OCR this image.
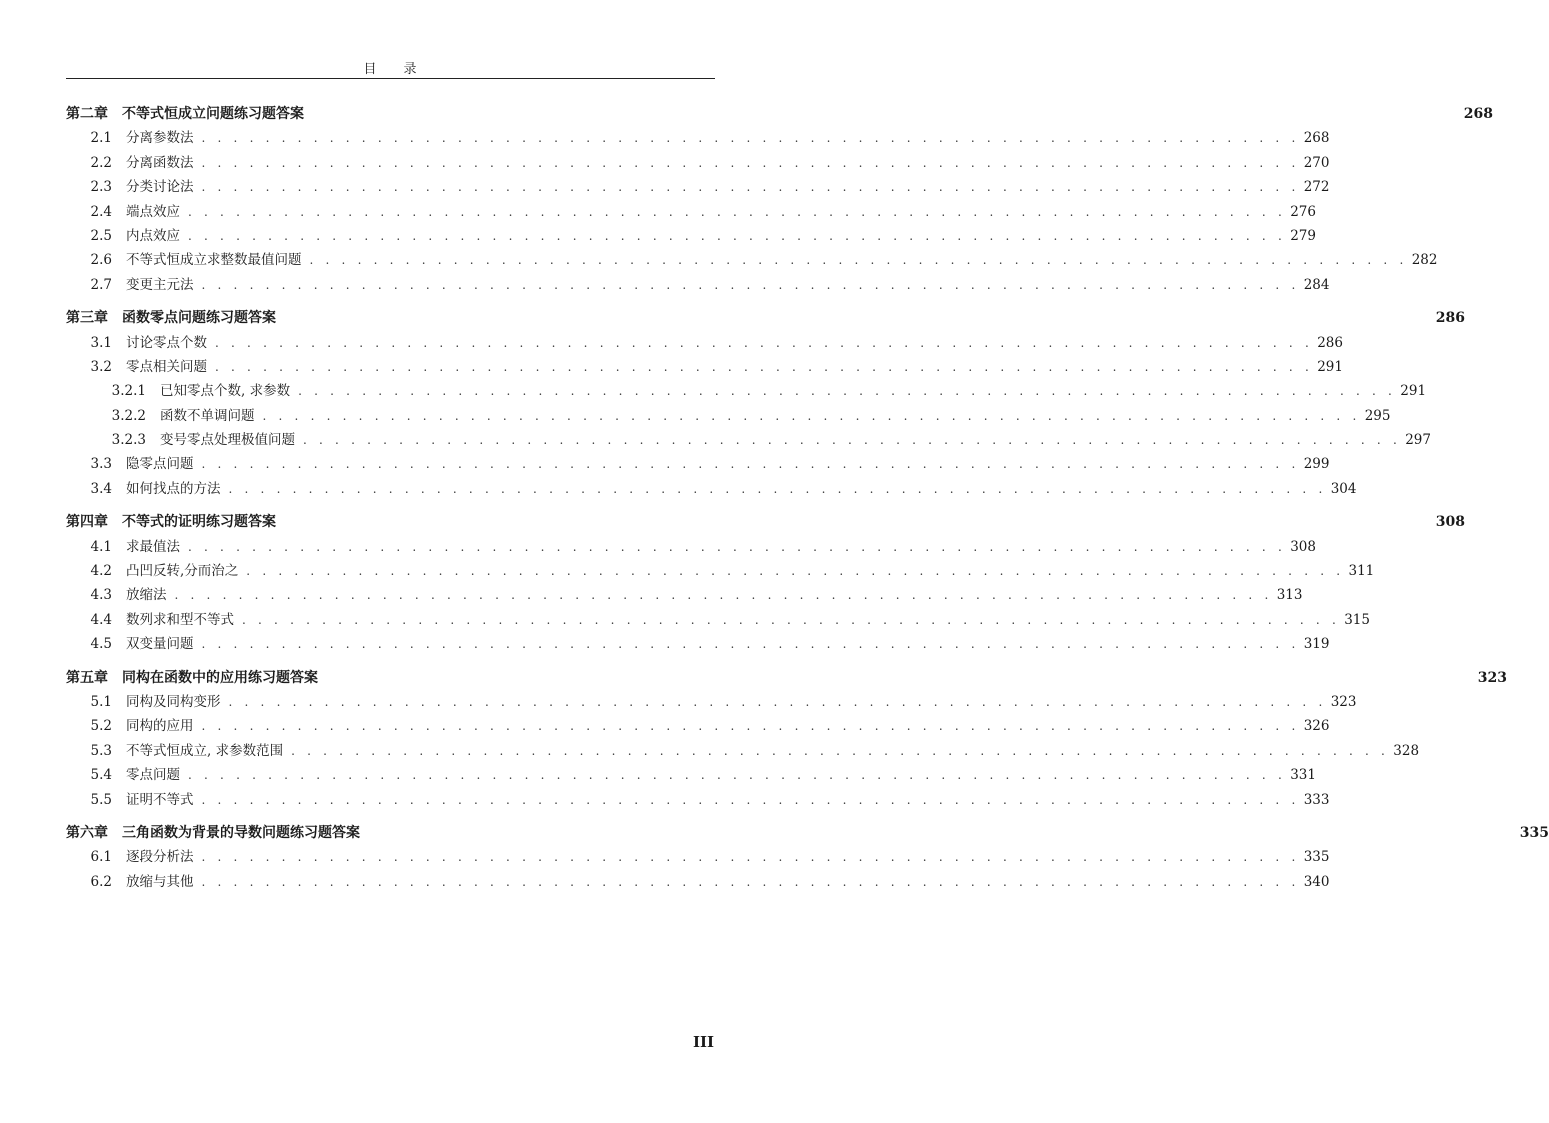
目 录
第二章	不等式恒成立问题练习题答案	268
2.1	分离参数法 . . . . . . . . . . . . . . . . . . . . . . . . . . . . . . . . . . . . . . . . . . . . . . . . . . . . . . . . . . . . . . . . . . . . . 268
2.2	分离函数法 . . . . . . . . . . . . . . . . . . . . . . . . . . . . . . . . . . . . . . . . . . . . . . . . . . . . . . . . . . . . . . . . . . . . . 270
2.3	分类讨论法 . . . . . . . . . . . . . . . . . . . . . . . . . . . . . . . . . . . . . . . . . . . . . . . . . . . . . . . . . . . . . . . . . . . . . 272
2.4	端点效应 . . . . . . . . . . . . . . . . . . . . . . . . . . . . . . . . . . . . . . . . . . . . . . . . . . . . . . . . . . . . . . . . . . . . . 276
2.5	内点效应 . . . . . . . . . . . . . . . . . . . . . . . . . . . . . . . . . . . . . . . . . . . . . . . . . . . . . . . . . . . . . . . . . . . . . 279
2.6	不等式恒成立求整数最值问题 . . . . . . . . . . . . . . . . . . . . . . . . . . . . . . . . . . . . . . . . . . . . . . . . . . . . . . . . . . . . . . . . . . . . . 282
2.7	变更主元法 . . . . . . . . . . . . . . . . . . . . . . . . . . . . . . . . . . . . . . . . . . . . . . . . . . . . . . . . . . . . . . . . . . . . . 284
第三章	函数零点问题练习题答案	286
3.1	讨论零点个数 . . . . . . . . . . . . . . . . . . . . . . . . . . . . . . . . . . . . . . . . . . . . . . . . . . . . . . . . . . . . . . . . . . . . . 286
3.2	零点相关问题 . . . . . . . . . . . . . . . . . . . . . . . . . . . . . . . . . . . . . . . . . . . . . . . . . . . . . . . . . . . . . . . . . . . . . 291
3.2.1	已知零点个数, 求参数 . . . . . . . . . . . . . . . . . . . . . . . . . . . . . . . . . . . . . . . . . . . . . . . . . . . . . . . . . . . . . . . . . . . . . 291
3.2.2	函数不单调问题 . . . . . . . . . . . . . . . . . . . . . . . . . . . . . . . . . . . . . . . . . . . . . . . . . . . . . . . . . . . . . . . . . . . . . 295
3.2.3	变号零点处理极值问题 . . . . . . . . . . . . . . . . . . . . . . . . . . . . . . . . . . . . . . . . . . . . . . . . . . . . . . . . . . . . . . . . . . . . . 297
3.3	隐零点问题 . . . . . . . . . . . . . . . . . . . . . . . . . . . . . . . . . . . . . . . . . . . . . . . . . . . . . . . . . . . . . . . . . . . . . 299
3.4	如何找点的方法 . . . . . . . . . . . . . . . . . . . . . . . . . . . . . . . . . . . . . . . . . . . . . . . . . . . . . . . . . . . . . . . . . . . . . 304
第四章	不等式的证明练习题答案	308
4.1	求最值法 . . . . . . . . . . . . . . . . . . . . . . . . . . . . . . . . . . . . . . . . . . . . . . . . . . . . . . . . . . . . . . . . . . . . . 308
4.2	凸凹反转,分而治之 . . . . . . . . . . . . . . . . . . . . . . . . . . . . . . . . . . . . . . . . . . . . . . . . . . . . . . . . . . . . . . . . . . . . . 311
4.3	放缩法 . . . . . . . . . . . . . . . . . . . . . . . . . . . . . . . . . . . . . . . . . . . . . . . . . . . . . . . . . . . . . . . . . . . . . 313
4.4	数列求和型不等式 . . . . . . . . . . . . . . . . . . . . . . . . . . . . . . . . . . . . . . . . . . . . . . . . . . . . . . . . . . . . . . . . . . . . . 315
4.5	双变量问题 . . . . . . . . . . . . . . . . . . . . . . . . . . . . . . . . . . . . . . . . . . . . . . . . . . . . . . . . . . . . . . . . . . . . . 319
第五章	同构在函数中的应用练习题答案	323
5.1	同构及同构变形 . . . . . . . . . . . . . . . . . . . . . . . . . . . . . . . . . . . . . . . . . . . . . . . . . . . . . . . . . . . . . . . . . . . . . 323
5.2	同构的应用 . . . . . . . . . . . . . . . . . . . . . . . . . . . . . . . . . . . . . . . . . . . . . . . . . . . . . . . . . . . . . . . . . . . . . 326
5.3	不等式恒成立, 求参数范围 . . . . . . . . . . . . . . . . . . . . . . . . . . . . . . . . . . . . . . . . . . . . . . . . . . . . . . . . . . . . . . . . . . . . . 328
5.4	零点问题 . . . . . . . . . . . . . . . . . . . . . . . . . . . . . . . . . . . . . . . . . . . . . . . . . . . . . . . . . . . . . . . . . . . . . 331
5.5	证明不等式 . . . . . . . . . . . . . . . . . . . . . . . . . . . . . . . . . . . . . . . . . . . . . . . . . . . . . . . . . . . . . . . . . . . . . 333
第六章	三角函数为背景的导数问题练习题答案	335
6.1	逐段分析法 . . . . . . . . . . . . . . . . . . . . . . . . . . . . . . . . . . . . . . . . . . . . . . . . . . . . . . . . . . . . . . . . . . . . . 335
6.2	放缩与其他 . . . . . . . . . . . . . . . . . . . . . . . . . . . . . . . . . . . . . . . . . . . . . . . . . . . . . . . . . . . . . . . . . . . . . 340
III
